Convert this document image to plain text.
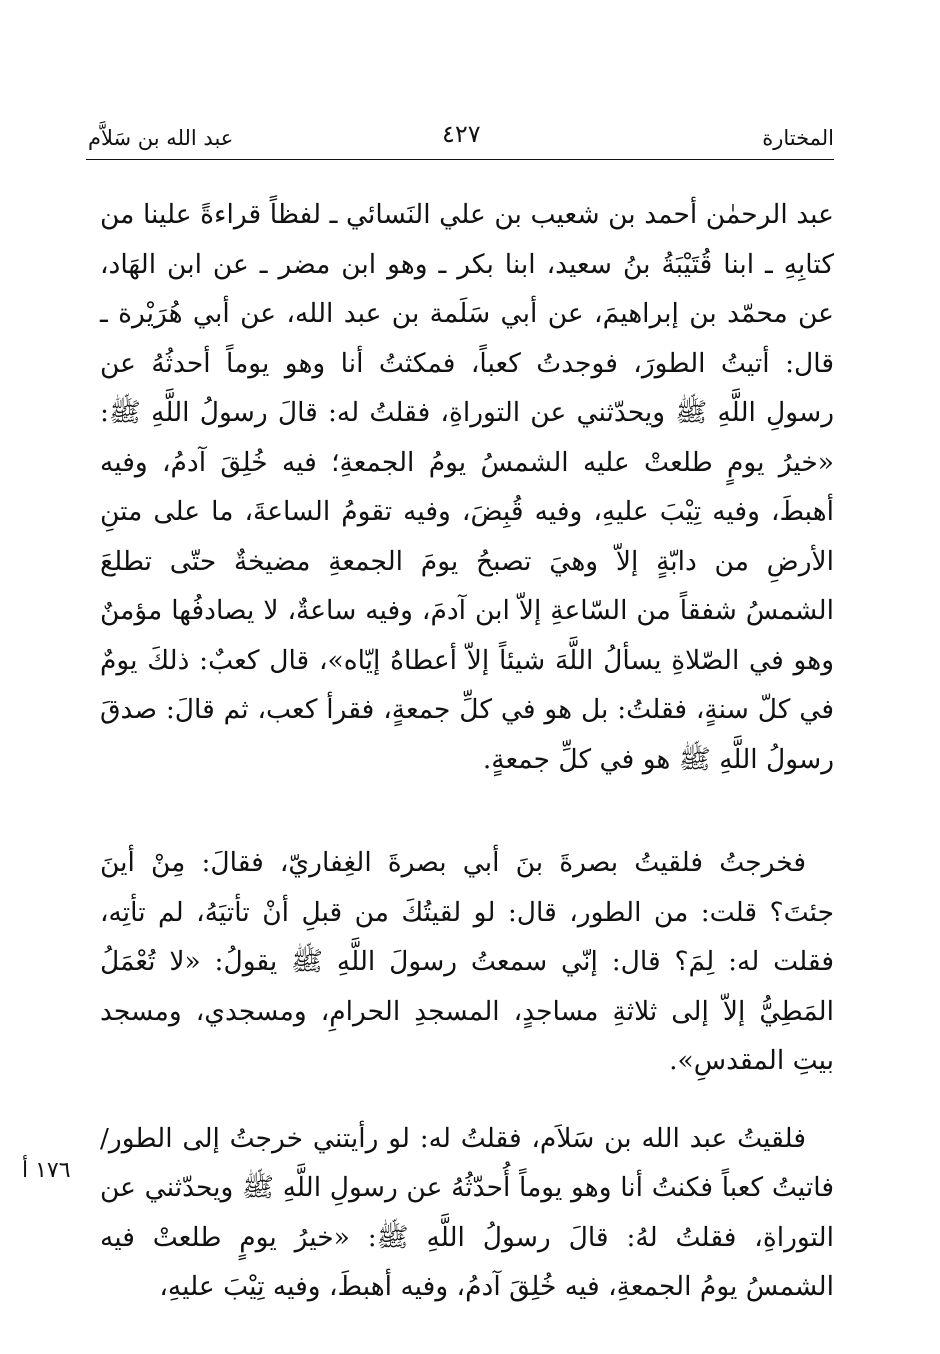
عبد الله بن سَلاَّم	٤٢٧	المختارة

عبد الرحمٰن أحمد بن شعيب بن علي النَسائي ـ لفظاً قراءةً علينا من كتابِهِ ـ ابنا قُتَيْبَةُ بنُ سعيد، ابنا بكر ـ وهو ابن مضر ـ عن ابن الهَاد، عن محمّد بن إبراهيمَ، عن أبي سَلَمة بن عبد الله، عن أبي هُرَيْرة ـ قال: أتيتُ الطورَ، فوجدتُ كعباً، فمكثتُ أنا وهو يوماً أحدثُهُ عن رسولِ اللَّهِ ﷺ ويحدّثني عن التوراةِ، فقلتُ له: قالَ رسولُ اللَّهِ ﷺ: «خيرُ يومٍ طلعتْ عليه الشمسُ يومُ الجمعةِ؛ فيه خُلِقَ آدمُ، وفيه أهبطَ، وفيه تِيْبَ عليهِ، وفيه قُبِضَ، وفيه تقومُ الساعةَ، ما على متنِ الأرضِ من دابّةٍ إلاّ وهيَ تصبحُ يومَ الجمعةِ مضيخةٌ حتّى تطلعَ الشمسُ شفقاً من السّاعةِ إلاّ ابن آدمَ، وفيه ساعةٌ، لا يصادفُها مؤمنٌ وهو في الصّلاةِ يسألُ اللَّهَ شيئاً إلاّ أعطاهُ إيّاه»، قال كعبٌ: ذلكَ يومٌ في كلّ سنةٍ، فقلتُ: بل هو في كلِّ جمعةٍ، فقرأ كعب، ثم قالَ: صدقَ رسولُ اللَّهِ ﷺ هو في كلِّ جمعةٍ.

فخرجتُ فلقيتُ بصرةَ بنَ أبي بصرةَ الغِفاريّ، فقالَ: مِنْ أينَ جئتَ؟ قلت: من الطور، قال: لو لقيتُكَ من قبلِ أنْ تأتيَهُ، لم تأتِه، فقلت له: لِمَ؟ قال: إنّي سمعتُ رسولَ اللَّهِ ﷺ يقولُ: «لا تُعْمَلُ المَطِيُّ إلاّ إلى ثلاثةِ مساجدٍ، المسجدِ الحرامِ، ومسجدي، ومسجد بيتِ المقدسِ».

فلقيتُ عبد الله بن سَلاَم، فقلتُ له: لو رأيتني خرجتُ إلى الطور/ فاتيتُ كعباً فكنتُ أنا وهو يوماً أُحدّثُهُ عن رسولِ اللَّهِ ﷺ ويحدّثني عن التوراةِ، فقلتُ لهُ: قالَ رسولُ اللَّهِ ﷺ: «خيرُ يومٍ طلعتْ فيه الشمسُ يومُ الجمعةِ، فيه خُلِقَ آدمُ، وفيه أهبطَ، وفيه تِيْبَ عليهِ،

١٧٦ أ
